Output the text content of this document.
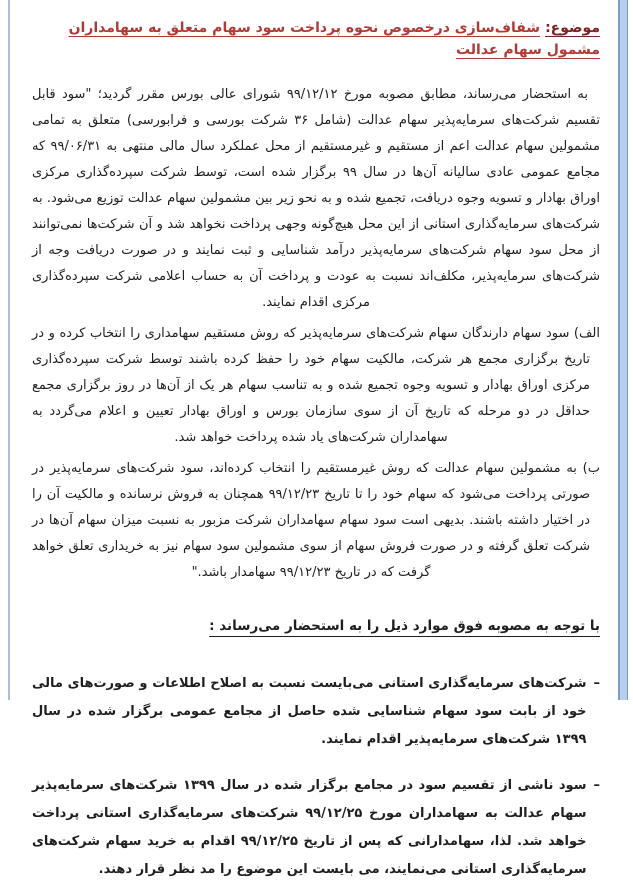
موضوع:شفاف‌سازی درخصوص نحوه پرداخت سود سهام متعلق به سهامداران مشمول سهام عدالت

به استحضار می‌رساند، مطابق مصوبه مورخ ۹۹/۱۲/۱۲ شورای عالی بورس مقرر گردید؛ "سود قابل تقسیم شرکت‌های سرمایه‌پذیر سهام عدالت (شامل ۳۶ شرکت بورسی و فرابورسی) متعلق به تمامی مشمولین سهام عدالت اعم از مستقیم و غیرمستقیم از محل عملکرد سال مالی منتهی به ۹۹/۰۶/۳۱ که مجامع عمومی عادی سالیانه آن‌ها در سال ۹۹ برگزار شده است، توسط شرکت سپرده‌گذاری مرکزی اوراق بهادار و تسویه وجوه دریافت، تجمیع شده و به نحو زیر بین مشمولین سهام عدالت توزیع می‌شود. به شرکت‌های سرمایه‌گذاری استانی از این محل هیچ‌گونه وجهی پرداخت نخواهد شد و آن شرکت‌ها نمی‌توانند از محل سود سهام شرکت‌های سرمایه‌پذیر درآمد شناسایی و ثبت نمایند و در صورت دریافت وجه از شرکت‌های سرمایه‌پذیر، مکلف‌اند نسبت به عودت و پرداخت آن به حساب اعلامی شرکت سپرده‌گذاری مرکزی اقدام نمایند.

الف) سود سهام دارندگان سهام شرکت‌های سرمایه‌پذیر که روش مستقیم سهامداری را انتخاب کرده و در تاریخ برگزاری مجمع هر شرکت، مالکیت سهام خود را حفظ کرده باشند توسط شرکت سپرده‌گذاری مرکزی اوراق بهادار و تسویه وجوه تجمیع شده و به تناسب سهام هر یک از آن‌ها در روز برگزاری مجمع حداقل در دو مرحله که تاریخ آن از سوی سازمان بورس و اوراق بهادار تعیین و اعلام می‌گردد به سهامداران شرکت‌های یاد شده پرداخت خواهد شد.

ب) به مشمولین سهام عدالت که روش غیرمستقیم را انتخاب کرده‌اند، سود شرکت‌های سرمایه‌پذیر در صورتی پرداخت می‌شود که سهام خود را تا تاریخ ۹۹/۱۲/۲۳ همچنان به فروش نرسانده و مالکیت آن را در اختیار داشته باشند. بدیهی است سود سهام سهامداران شرکت مزبور به نسبت میزان سهام آن‌ها در شرکت تعلق گرفته و در صورت فروش سهام از سوی مشمولین سود سهام نیز به خریداری تعلق خواهد گرفت که در تاریخ ۹۹/۱۲/۲۳ سهامدار باشد."

با توجه به مصوبه فوق موارد ذیل را به استحضار می‌رساند :
–

شرکت‌های سرمایه‌گذاری استانی می‌بایست نسبت به اصلاح اطلاعات و صورت‌های مالی خود از بابت سود سهام شناسایی شده حاصل از مجامع عمومی برگزار شده در سال ۱۳۹۹ شرکت‌های سرمایه‌پذیر اقدام نمایند.

–

سود ناشی از تقسیم سود در مجامع برگزار شده در سال ۱۳۹۹ شرکت‌های سرمایه‌پذیر سهام عدالت به سهامداران مورخ ۹۹/۱۲/۲۵ شرکت‌های سرمایه‌گذاری استانی پرداخت خواهد شد. لذا، سهامدارانی که پس از تاریخ ۹۹/۱۲/۲۵ اقدام به خرید سهام شرکت‌های سرمایه‌گذاری استانی می‌نمایند، می بایست این موضوع را مد نظر قرار دهند.
